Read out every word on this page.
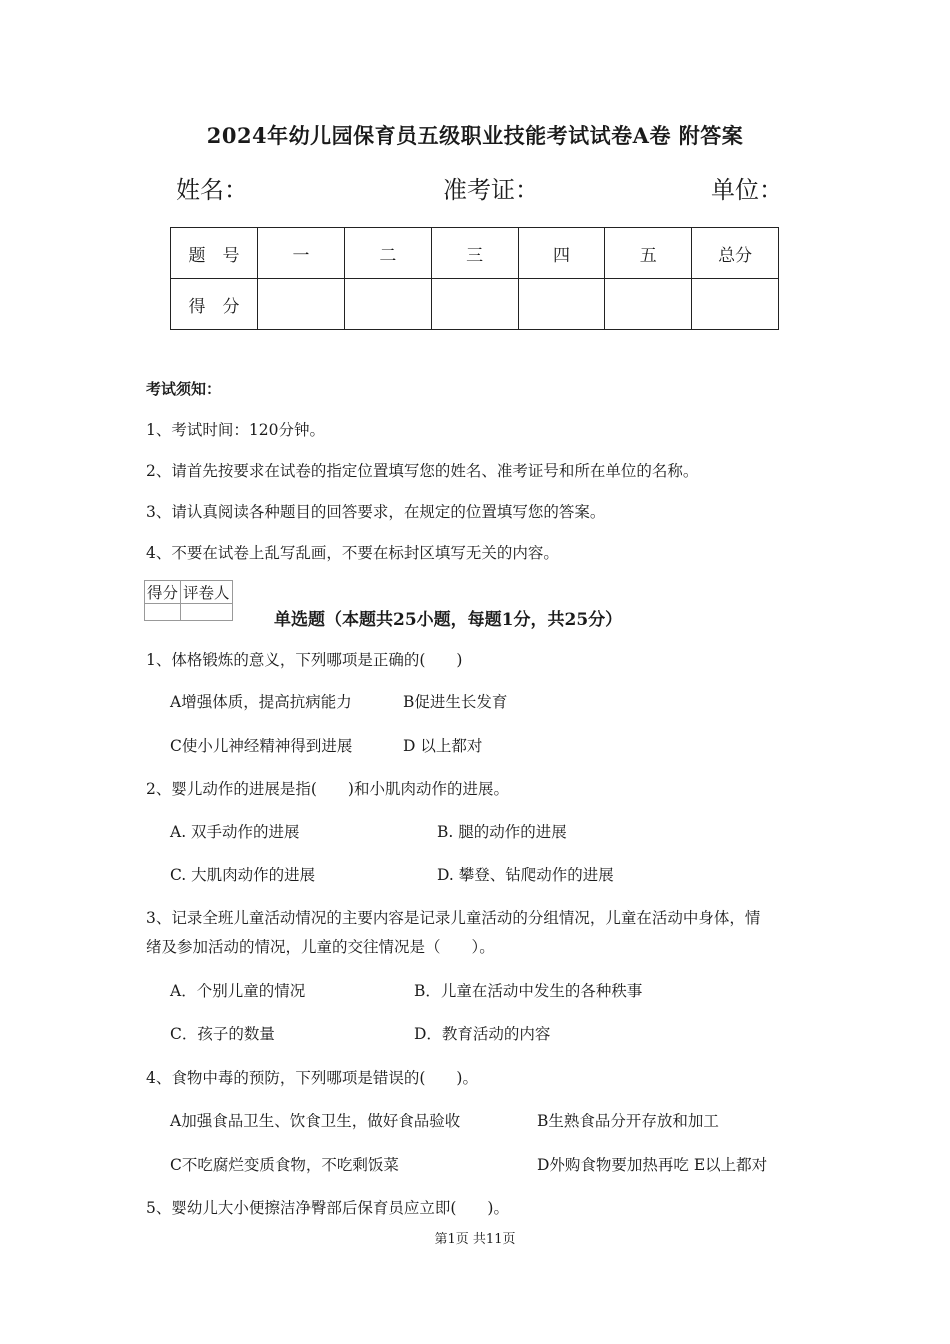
2024年幼儿园保育员五级职业技能考试试卷A卷 附答案
姓名：	准考证：	单位：
题　号	一	二	三	四	五	总分
得　分						
考试须知：
1、考试时间：120分钟。
2、请首先按要求在试卷的指定位置填写您的姓名、准考证号和所在单位的名称。
3、请认真阅读各种题目的回答要求，在规定的位置填写您的答案。
4、不要在试卷上乱写乱画，不要在标封区填写无关的内容。
得分	评卷人

单选题（本题共25小题，每题1分，共25分）
1、体格锻炼的意义，下列哪项是正确的(　　)
A增强体质，提高抗病能力	B促进生长发育
C使小儿神经精神得到进展	D 以上都对
2、婴儿动作的进展是指(　　)和小肌肉动作的进展。
A. 双手动作的进展	B. 腿的动作的进展
C. 大肌肉动作的进展	D. 攀登、钻爬动作的进展
3、记录全班儿童活动情况的主要内容是记录儿童活动的分组情况，儿童在活动中身体，情
绪及参加活动的情况，儿童的交往情况是（　　）。
A．个别儿童的情况	B．儿童在活动中发生的各种秩事
C．孩子的数量	D．教育活动的内容
4、食物中毒的预防，下列哪项是错误的(　　)。
A加强食品卫生、饮食卫生，做好食品验收	B生熟食品分开存放和加工
C不吃腐烂变质食物，不吃剩饭菜	D外购食物要加热再吃 E以上都对
5、婴幼儿大小便擦洁净臀部后保育员应立即(　　)。
第1页 共11页
